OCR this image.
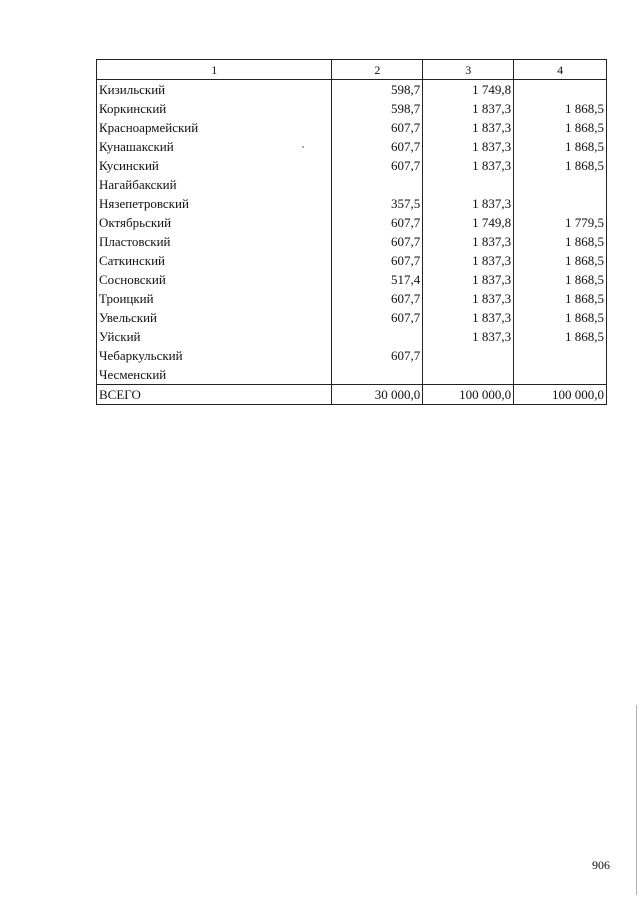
1	2	3	4
Кизильский	598,7	1 749,8	
Коркинский	598,7	1 837,3	1 868,5
Красноармейский	607,7	1 837,3	1 868,5
Кунашакский	607,7	1 837,3	1 868,5
Кусинский	607,7	1 837,3	1 868,5
Нагайбакский			
Нязепетровский	357,5	1 837,3	
Октябрьский	607,7	1 749,8	1 779,5
Пластовский	607,7	1 837,3	1 868,5
Саткинский	607,7	1 837,3	1 868,5
Сосновский	517,4	1 837,3	1 868,5
Троицкий	607,7	1 837,3	1 868,5
Увельский	607,7	1 837,3	1 868,5
Уйский		1 837,3	1 868,5
Чебаркульский	607,7		
Чесменский			
ВСЕГО	30 000,0	100 000,0	100 000,0
906
